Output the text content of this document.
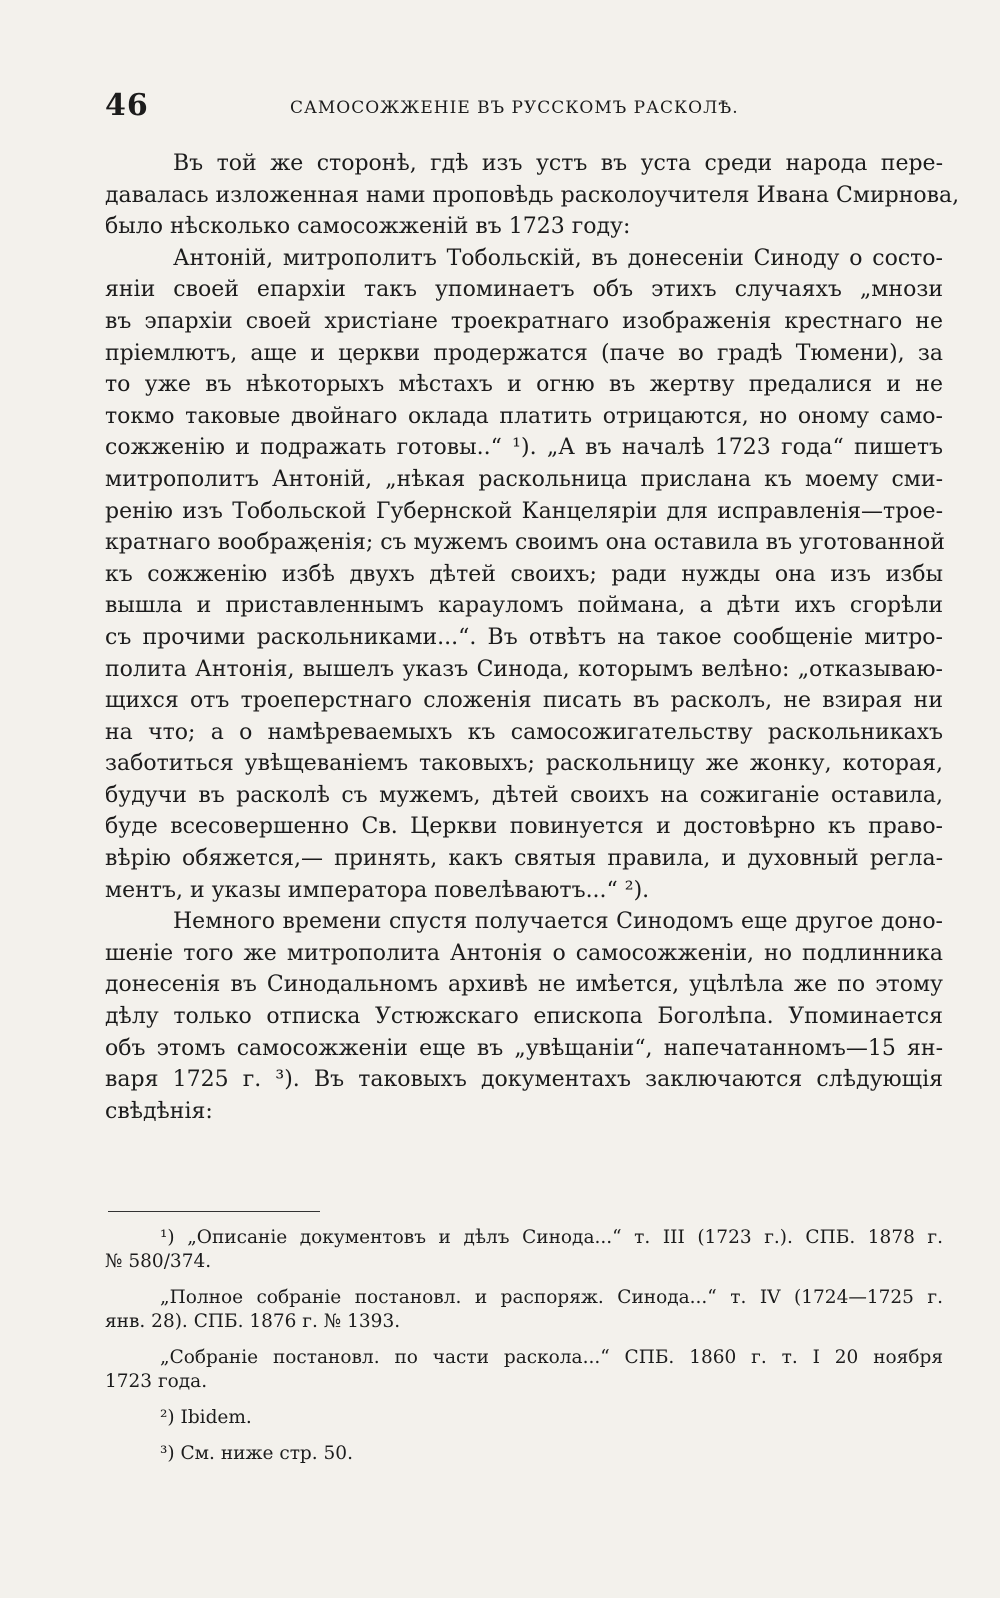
46	САМОСОЖЖЕНІЕ ВЪ РУССКОМЪ РАСКОЛѢ.
Въ той же сторонѣ, гдѣ изъ устъ въ уста среди народа пере-
давалась изложенная нами проповѣдь расколоучителя Ивана Смирнова,
было нѣсколько самосожженій въ 1723 году:
Антоній, митрополитъ Тобольскій, въ донесеніи Синоду о состо-
яніи своей епархіи такъ упоминаетъ объ этихъ случаяхъ „мнози
въ эпархіи своей христіане троекратнаго изображенія крестнаго не
пріемлютъ, аще и церкви продержатся (паче во градѣ Тюмени), за
то уже въ нѣкоторыхъ мѣстахъ и огню въ жертву предалися и не
токмо таковые двойнаго оклада платить отрицаются, но оному само-
сожженію и подражать готовы..“ ¹). „А въ началѣ 1723 года“ пишетъ
митрополитъ Антоній, „нѣкая раскольница прислана къ моему сми-
ренію изъ Тобольской Губернской Канцеляріи для исправленія—трое-
кратнаго вообраҗенія; съ мужемъ своимъ она оставила въ уготованной
къ сожженію избѣ двухъ дѣтей своихъ; ради нужды она изъ избы
вышла и приставленнымъ карауломъ поймана, а дѣти ихъ сгорѣли
съ прочими раскольниками...“. Въ отвѣтъ на такое сообщеніе митро-
полита Антонія, вышелъ указъ Синода, которымъ велѣно: „отказываю-
щихся отъ троеперстнаго сложенія писать въ расколъ, не взирая ни
на что; а о намѣреваемыхъ къ самосожигательству раскольникахъ
заботиться увѣщеваніемъ таковыхъ; раскольницу же жонку, которая,
будучи въ расколѣ съ мужемъ, дѣтей своихъ на сожиганіе оставила,
буде всесовершенно Св. Церкви повинуется и достовѣрно къ право-
вѣрію обяжется,— принять, какъ святыя правила, и духовный регла-
ментъ, и указы императора повелѣваютъ...“ ²).
Немного времени спустя получается Синодомъ еще другое доно-
шеніе того же митрополита Антонія о самосожженіи, но подлинника
донесенія въ Синодальномъ архивѣ не имѣется, уцѣлѣла же по этому
дѣлу только отписка Устюжскаго епископа Боголѣпа. Упоминается
объ этомъ самосожженіи еще въ „увѣщаніи“, напечатанномъ—15 ян-
варя 1725 г. ³). Въ таковыхъ документахъ заключаются слѣдующія
свѣдѣнія:
¹) „Описаніе документовъ и дѣлъ Синода...“ т. III (1723 г.). СПБ. 1878 г.
№ 580/374.
„Полное собраніе постановл. и распоряж. Синода...“ т. IV (1724—1725 г.
янв. 28). СПБ. 1876 г. № 1393.
„Собраніе постановл. по части раскола...“ СПБ. 1860 г. т. I 20 ноября
1723 года.
²) Ibidem.
³) См. ниже стр. 50.
